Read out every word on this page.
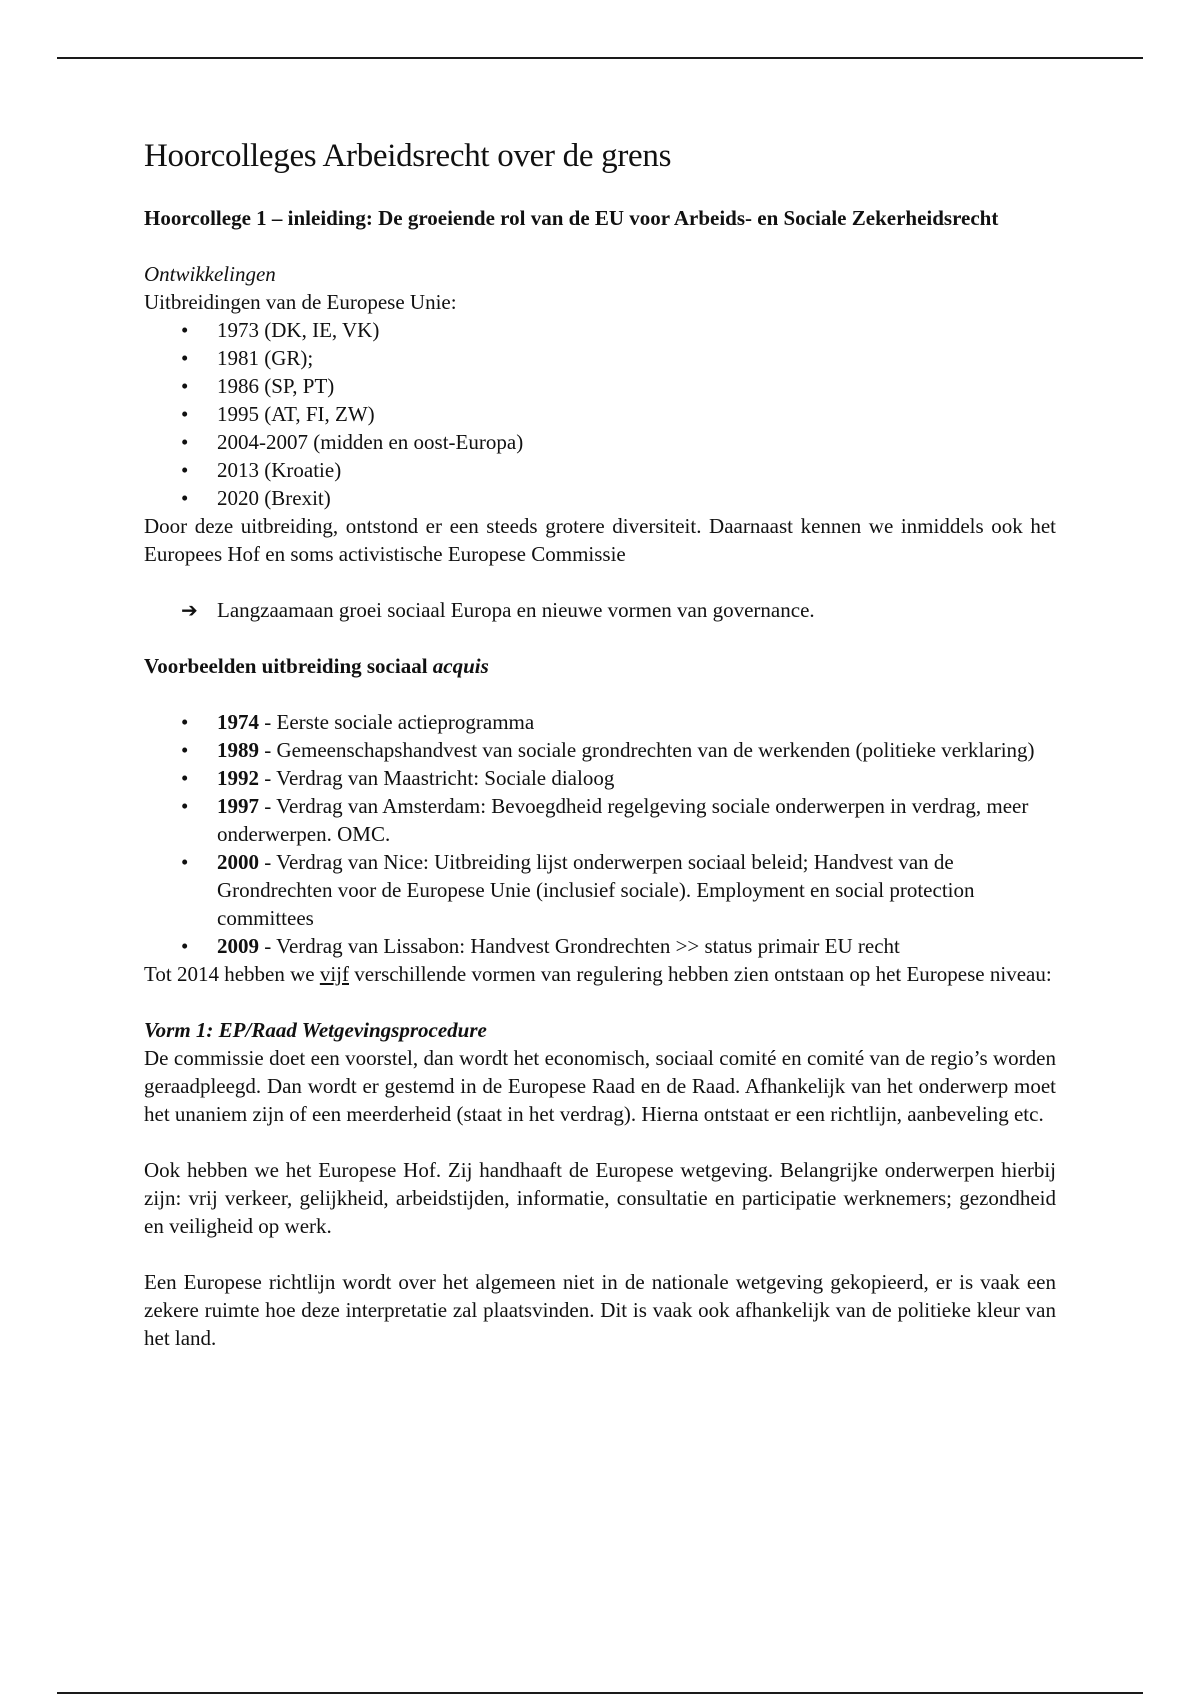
Hoorcolleges Arbeidsrecht over de grens

Hoorcollege 1 – inleiding: De groeiende rol van de EU voor Arbeids- en Sociale Zekerheidsrecht

Ontwikkelingen

Uitbreidingen van de Europese Unie:

• 1973 (DK, IE, VK)
• 1981 (GR);
• 1986 (SP, PT)
• 1995 (AT, FI, ZW)
• 2004-2007 (midden en oost-Europa)
• 2013 (Kroatie)
• 2020 (Brexit)

Door deze uitbreiding, ontstond er een steeds grotere diversiteit. Daarnaast kennen we inmiddels ook het Europees Hof en soms activistische Europese Commissie

➔ Langzaamaan groei sociaal Europa en nieuwe vormen van governance.

Voorbeelden uitbreiding sociaal acquis

• 1974 - Eerste sociale actieprogramma
• 1989 - Gemeenschapshandvest van sociale grondrechten van de werkenden (politieke verklaring)
• 1992 - Verdrag van Maastricht: Sociale dialoog
• 1997 - Verdrag van Amsterdam: Bevoegdheid regelgeving sociale onderwerpen in verdrag, meer onderwerpen. OMC.
• 2000 - Verdrag van Nice: Uitbreiding lijst onderwerpen sociaal beleid; Handvest van de Grondrechten voor de Europese Unie (inclusief sociale). Employment en social protection committees
• 2009 - Verdrag van Lissabon: Handvest Grondrechten >> status primair EU recht

Tot 2014 hebben we vijf verschillende vormen van regulering hebben zien ontstaan op het Europese niveau:

Vorm 1: EP/Raad Wetgevingsprocedure

De commissie doet een voorstel, dan wordt het economisch, sociaal comité en comité van de regio’s worden geraadpleegd. Dan wordt er gestemd in de Europese Raad en de Raad. Afhankelijk van het onderwerp moet het unaniem zijn of een meerderheid (staat in het verdrag). Hierna ontstaat er een richtlijn, aanbeveling etc.

Ook hebben we het Europese Hof. Zij handhaaft de Europese wetgeving. Belangrijke onderwerpen hierbij zijn: vrij verkeer, gelijkheid, arbeidstijden, informatie, consultatie en participatie werknemers; gezondheid en veiligheid op werk.

Een Europese richtlijn wordt over het algemeen niet in de nationale wetgeving gekopieerd, er is vaak een zekere ruimte hoe deze interpretatie zal plaatsvinden. Dit is vaak ook afhankelijk van de politieke kleur van het land.
